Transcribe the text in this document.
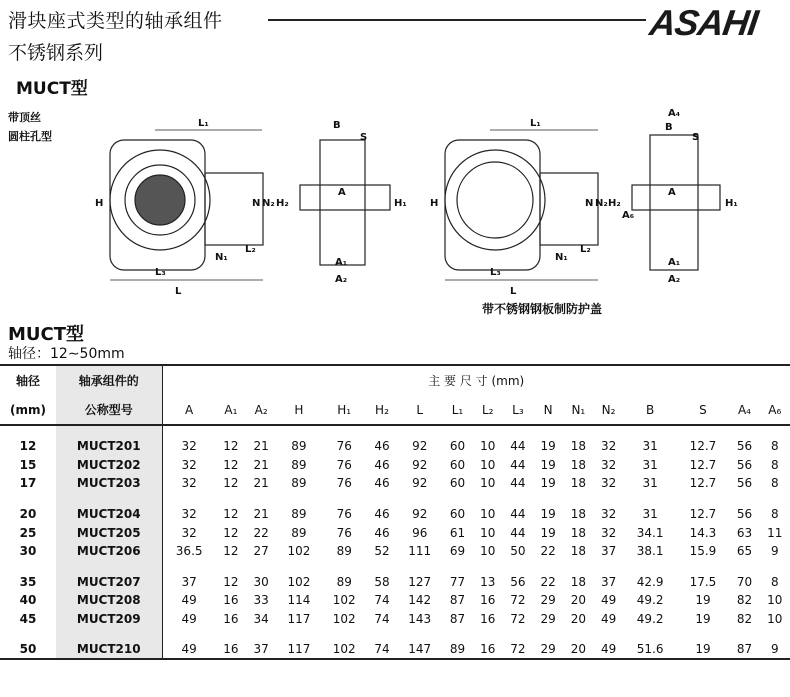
滑块座式类型的轴承组件
不锈钢系列
ASAHI
MUCT型
带顶丝
圆柱孔型
L₁
H	N N₂ H₂
N₁
L₂
L₃
L
B
S
A
H₁
A₁
A₂
L₁
H	N N₂ H₂
N₁
L₂
L₃
L
A₄
B
S
A
A₆
H₁
A₁
A₂
带不锈钢钢板制防护盖
MUCT型
轴径：12∼50mm
轴径	轴承组件的	主 要 尺 寸 (mm)																
(mm)	公称型号	A	A₁	A₂	H	H₁	H₂	L	L₁	L₂	L₃	N	N₁	N₂	B	S	A₄	A₆

12	MUCT201	32	12	21	89	76	46	92	60	10	44	19	18	32	31	12.7	56	8
15	MUCT202	32	12	21	89	76	46	92	60	10	44	19	18	32	31	12.7	56	8
17	MUCT203	32	12	21	89	76	46	92	60	10	44	19	18	32	31	12.7	56	8

20	MUCT204	32	12	21	89	76	46	92	60	10	44	19	18	32	31	12.7	56	8
25	MUCT205	32	12	22	89	76	46	96	61	10	44	19	18	32	34.1	14.3	63	11
30	MUCT206	36.5	12	27	102	89	52	111	69	10	50	22	18	37	38.1	15.9	65	9

35	MUCT207	37	12	30	102	89	58	127	77	13	56	22	18	37	42.9	17.5	70	8
40	MUCT208	49	16	33	114	102	74	142	87	16	72	29	20	49	49.2	19	82	10
45	MUCT209	49	16	34	117	102	74	143	87	16	72	29	20	49	49.2	19	82	10

50	MUCT210	49	16	37	117	102	74	147	89	16	72	29	20	49	51.6	19	87	9
